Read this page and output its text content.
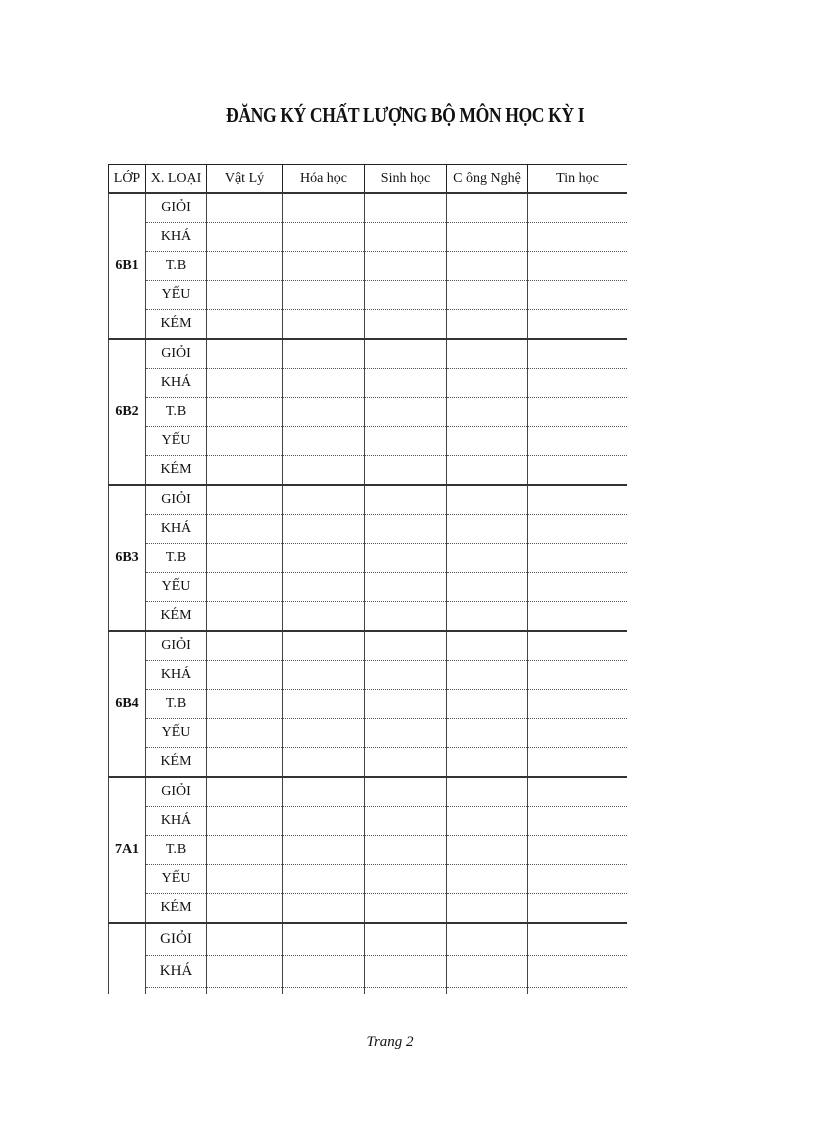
ĐĂNG KÝ CHẤT LƯỢNG BỘ MÔN HỌC KỲ I
LỚP	X. LOẠI	Vật Lý	Hóa học	Sinh học	C ông Nghệ	Tin học
6B1	GIỎI					
	KHÁ					
	T.B					
	YẾU					
	KÉM					
6B2	GIỎI					
	KHÁ					
	T.B					
	YẾU					
	KÉM					
6B3	GIỎI					
	KHÁ					
	T.B					
	YẾU					
	KÉM					
6B4	GIỎI					
	KHÁ					
	T.B					
	YẾU					
	KÉM					
7A1	GIỎI					
	KHÁ					
	T.B					
	YẾU					
	KÉM					
	GIỎI					
	KHÁ					

Trang 2
